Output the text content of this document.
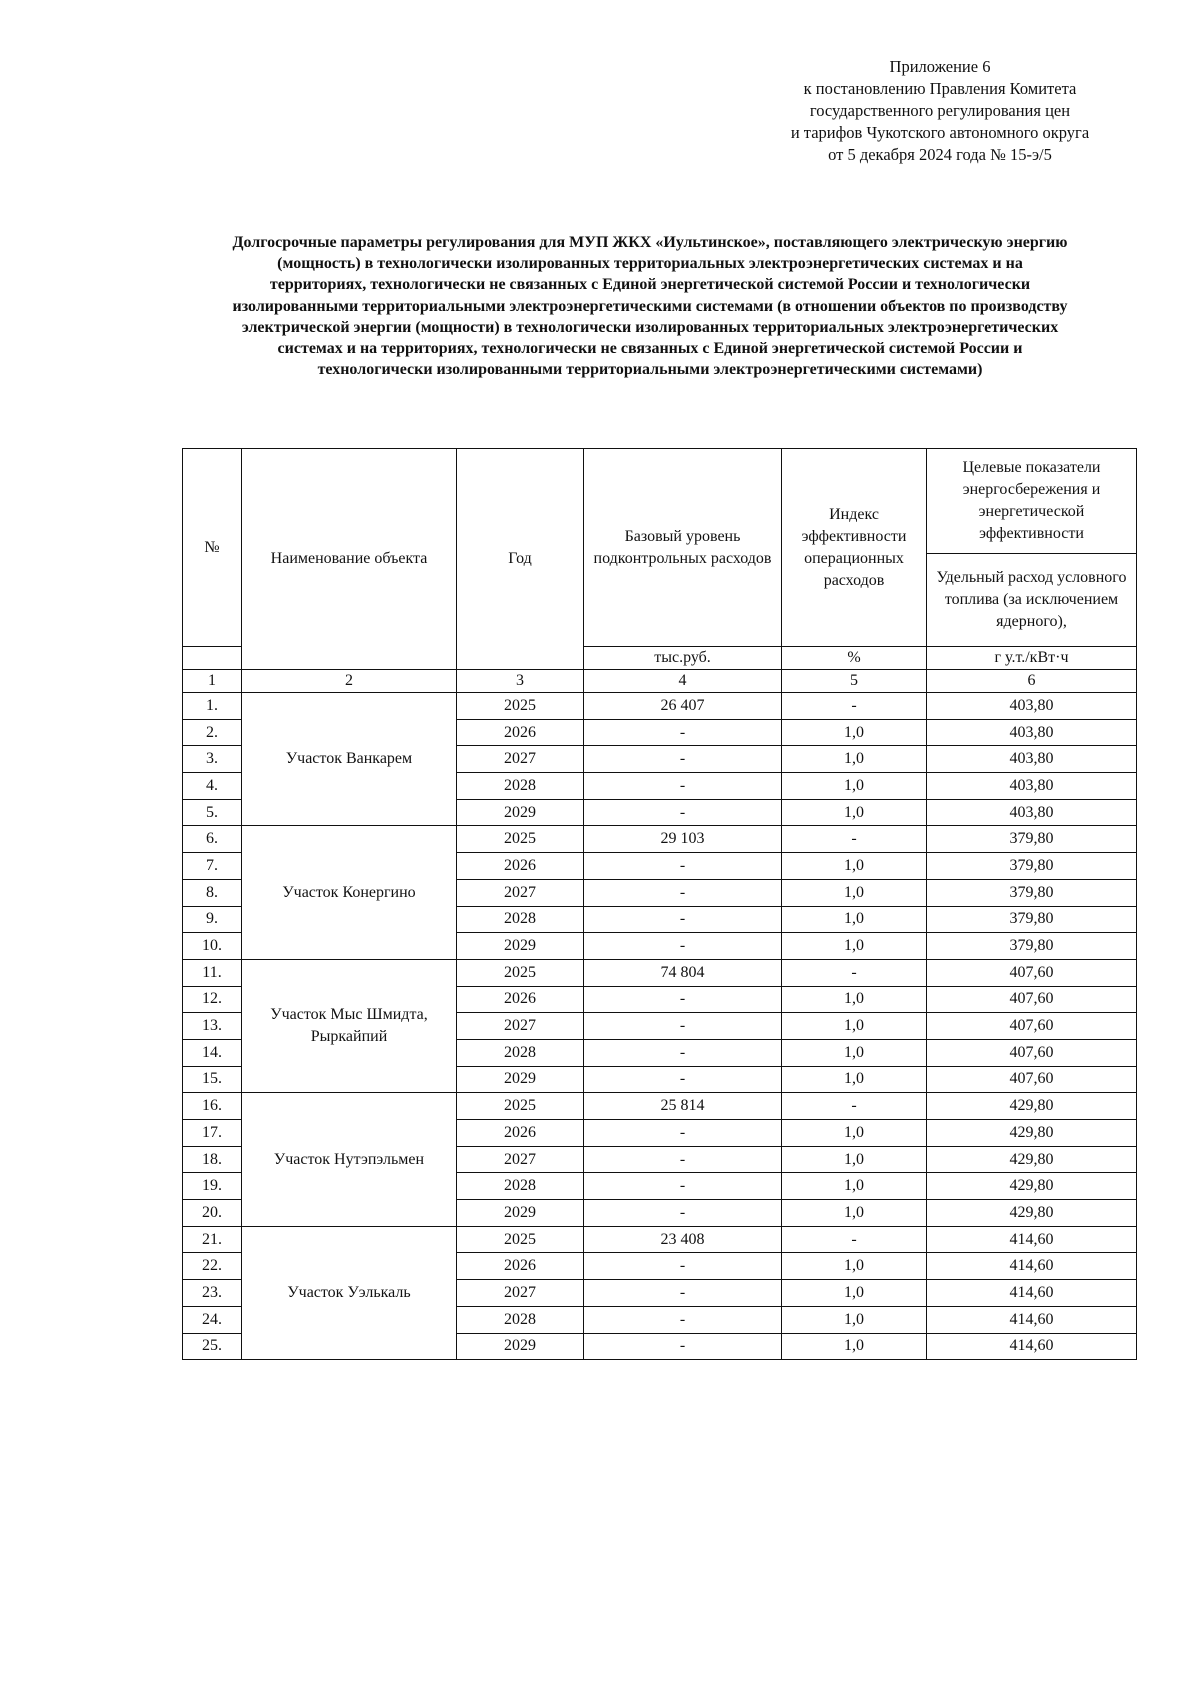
Приложение 6
к постановлению Правления Комитета
государственного регулирования цен
и тарифов Чукотского автономного округа
от 5 декабря 2024 года № 15-э/5
Долгосрочные параметры регулирования для МУП ЖКХ «Иультинское», поставляющего электрическую энергию
(мощность) в технологически изолированных территориальных электроэнергетических системах и на
территориях, технологически не связанных с Единой энергетической системой России и технологически
изолированными территориальными электроэнергетическими системами (в отношении объектов по производству
электрической энергии (мощности) в технологически изолированных территориальных электроэнергетических
системах и на территориях, технологически не связанных с Единой энергетической системой России и
технологически изолированными территориальными электроэнергетическими системами)
№	Наименование объекта	Год	Базовый уровень подконтрольных расходов	Индекс эффективности операционных расходов	Целевые показатели энергосбережения и энергетической эффективности
					Удельный расход условного топлива (за исключением ядерного),
			тыс.руб.	%	г у.т./кВт·ч
1	2	3	4	5	6
1.	Участок Ванкарем	2025	26 407	-	403,80
2.		2026	-	1,0	403,80
3.		2027	-	1,0	403,80
4.		2028	-	1,0	403,80
5.		2029	-	1,0	403,80
6.	Участок Конергино	2025	29 103	-	379,80
7.		2026	-	1,0	379,80
8.		2027	-	1,0	379,80
9.		2028	-	1,0	379,80
10.		2029	-	1,0	379,80
11.	Участок Мыс Шмидта, Рыркайпий	2025	74 804	-	407,60
12.		2026	-	1,0	407,60
13.		2027	-	1,0	407,60
14.		2028	-	1,0	407,60
15.		2029	-	1,0	407,60
16.	Участок Нутэпэльмен	2025	25 814	-	429,80
17.		2026	-	1,0	429,80
18.		2027	-	1,0	429,80
19.		2028	-	1,0	429,80
20.		2029	-	1,0	429,80
21.	Участок Уэлькаль	2025	23 408	-	414,60
22.		2026	-	1,0	414,60
23.		2027	-	1,0	414,60
24.		2028	-	1,0	414,60
25.		2029	-	1,0	414,60
